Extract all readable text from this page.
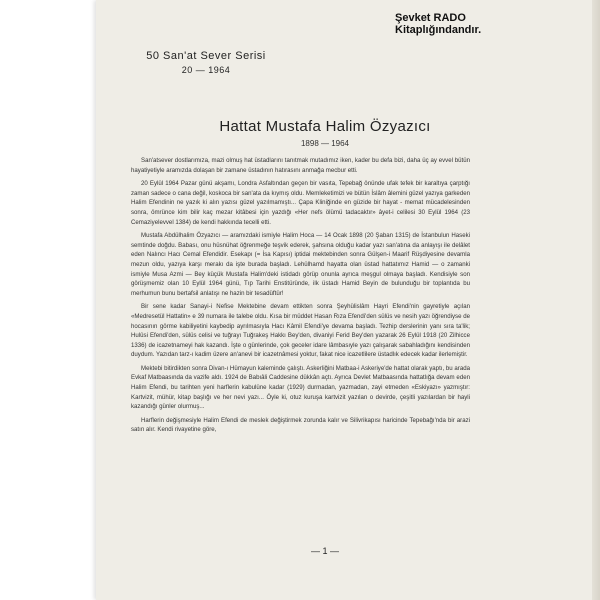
Şevket RADO
Kitaplığındandır.
50 San'at Sever Serisi
20 — 1964
Hattat Mustafa Halim Özyazıcı
1898 — 1964

San'atsever dostlarımıza, mazi olmuş hat üstadlarını tanıtmak mutadımız iken, kader bu defa bizi, daha üç ay evvel bütün hayatiyetiyle aramızda dolaşan bir zamane üstadının hatırasını anmağa mecbur etti.

20 Eylül 1964 Pazar günü akşamı, Londra Asfaltından geçen bir vasıta, Tepebağ önünde ufak tefek bir karaltıya çarptığı zaman sadece o cana değil, koskoca bir san'ata da kıymış oldu. Memleketimizi ve bütün İslâm âlemini güzel yazıya garkeden Halim Efendinin ne yazık ki alın yazısı güzel yazılmamıştı... Çapa Kliniğinde en güzide bir hayat - memat mücadelesinden sonra, ömrünce kim bilir kaç mezar kitâbesi için yazdığı «Her nefs ölümü tadacaktır» âyet-i celilesi 30 Eylül 1964 (23 Cemaziyelevvel 1384) de kendi hakkında tecelli etti.

Mustafa Abdülhalim Özyazıcı — aramızdaki ismiyle Halim Hoca — 14 Ocak 1898 (20 Şaban 1315) de İstanbulun Haseki semtinde doğdu. Babası, onu hüsnühat öğrenmeğe teşvik ederek, şahsına olduğu kadar yazı san'atına da anlayışı ile delâlet eden Nalıncı Hacı Cemal Efendidir. Esekapı (= İsa Kapısı) iptidai mektebinden sonra Gülşen-i Maarif Rüşdiyesine devamla mezun oldu, yazıya karşı merakı da işte burada başladı. Lehülhamd hayatta olan üstad hattatımız Hamid — o zamanki ismiyle Musa Azmi — Bey küçük Mustafa Halim'deki istidadı görüp onunla ayrıca meşgul olmaya başladı. Kendisiyle son görüşmemiz olan 10 Eylül 1964 günü, Tıp Tarihi Enstitüründe, ilk üstadı Hamid Beyin de bulunduğu bir toplantıda bu merhumun bunu bertafsil anlatışı ne hazin bir tesadüftür!

Bir sene kadar Sanayi-i Nefise Mektebine devam ettikten sonra Şeyhülislâm Hayri Efendi'nin gayretiyle açılan «Medresetül Hattatin» e 39 numara ile talebe oldu. Kısa bir müddet Hasan Rıza Efendi'den sülüs ve nesih yazı öğrendiyse de hocasının görme kabiliyetini kaybedip ayrılmasıyla Hacı Kâmil Efendi'ye devama başladı. Tezhip derslerinin yanı sıra ta'lik; Hulûsi Efendi'den, sülüs celisi ve tuğrayı Tuğrakeş Hakkı Bey'den, divaniyi Ferid Bey'den yazarak 26 Eylül 1918 (20 Zilhicce 1336) de icazetnameyi hak kazandı. İşte o günlerinde, çok geceler idare lâmbasıyle yazı çalışarak sabahladığını kendisinden duydum. Yazıdan tarz-ı kadim üzere an'anevi bir icazetnâmesi yoktur, fakat nice icazetlilere üstadlık edecek kadar ilerlemiştir.

Mektebi bitirdikten sonra Divan-ı Hümayun kaleminde çalıştı. Askerliğini Matbaa-i Askeriye'de hattat olarak yaptı, bu arada Evkaf Matbaasında da vazife aldı. 1924 de Babıâli Caddesine dükkân açtı. Ayrıca Devlet Matbaasında hattatlığa devam eden Halim Efendi, bu tarihten yeni harflerin kabulüne kadar (1929) durmadan, yazmadan, zayi etmeden «Eskiyazı» yazmıştır: Kartvizit, mühür, kitap başlığı ve her nevi yazı... Öyle ki, otuz kuruşa kartvizit yazılan o devirde, çeşitli yazılardan bir hayli kazandığı günler olurmuş...

Harflerin değişmesiyle Halim Efendi de meslek değiştirmek zorunda kalır ve Silivrikapısı haricinde Tepebağı'nda bir arazi satın alır. Kendi rivayetine göre,

— 1 —
